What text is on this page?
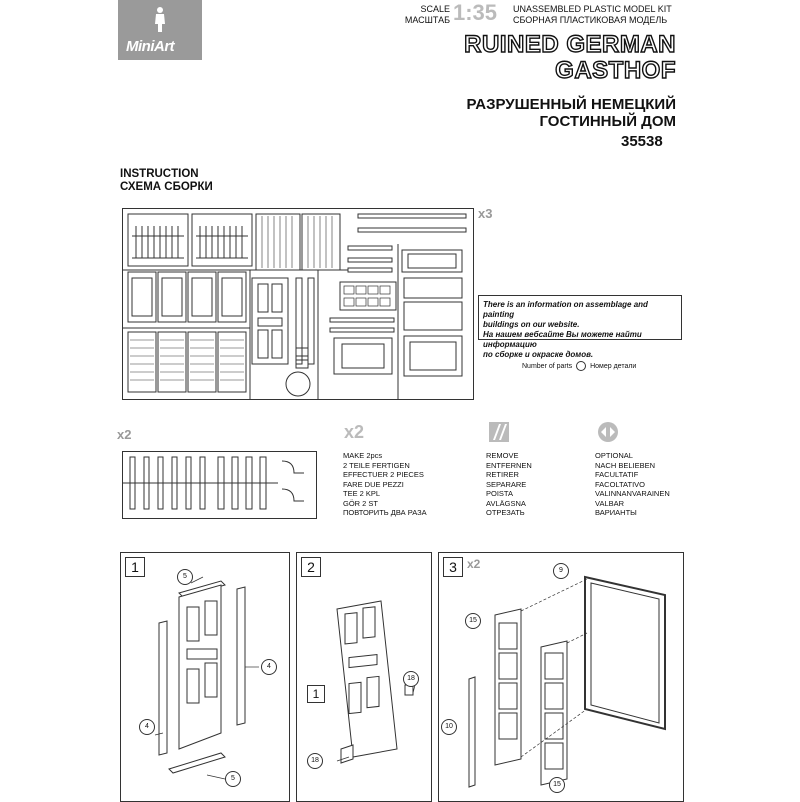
MiniArt
SCALE
МАСШТАБ 1:35 UNASSEMBLED PLASTIC MODEL KIT
СБОРНАЯ ПЛАСТИКОВАЯ МОДЕЛЬ
RUINED GERMAN
GASTHOF
РАЗРУШЕННЫЙ НЕМЕЦКИЙ
ГОСТИННЫЙ ДОМ
35538
INSTRUCTION
СХЕМА СБОРКИ
x3
There is an information on assemblage and painting
buildings on our website.
На нашем вебсайте Вы можете найти информацию
по сборке и окраске домов.
Number of parts	Номер детали
x2	x2
MAKE 2pcs
2 TEILE FERTIGEN
EFFECTUER 2 PIECES
FARE DUE PEZZI
TEE 2 KPL
GÖR 2 ST
ПОВТОРИТЬ ДВА РАЗА
REMOVE
ENTFERNEN
RETIRER
SEPARARE
POISTA
AVLÄGSNA
ОТРЕЗАТЬ
OPTIONAL
NACH BELIEBEN
FACULTATIF
FACOLTATIVO
VALINNANVARAINEN
VALBAR
ВАРИАНТЫ
1
5
4
4
5
2
1
18
18
3 x2	9
15
10
15
